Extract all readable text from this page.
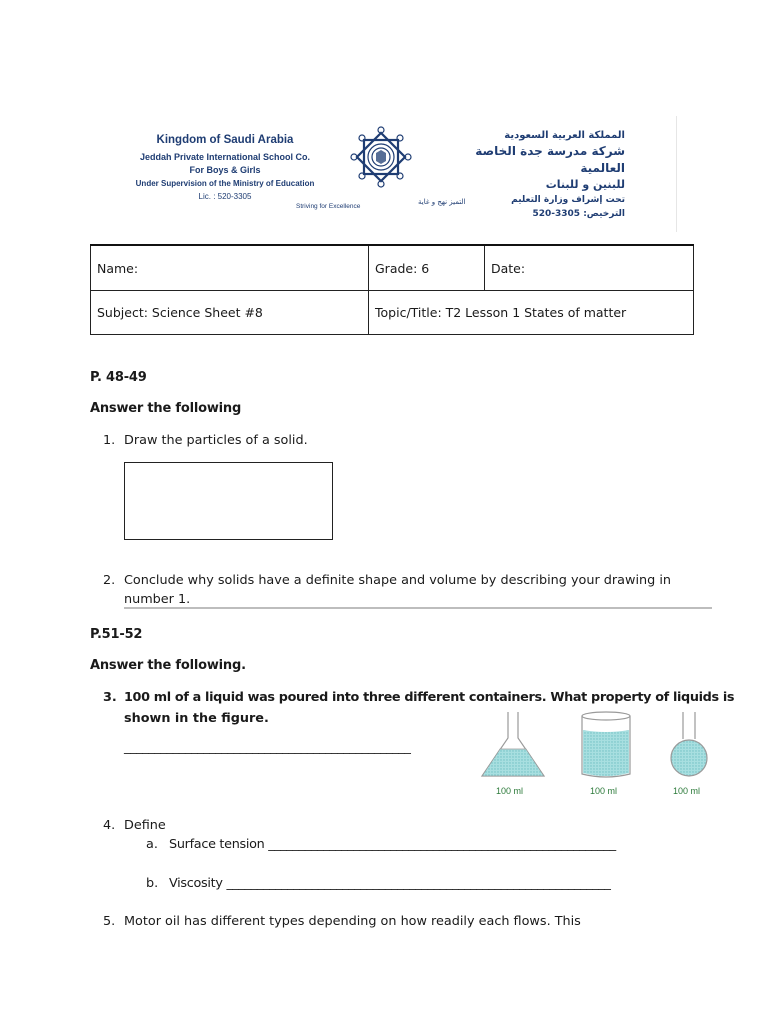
Kingdom of Saudi Arabia
Jeddah Private International School Co.
For Boys & Girls
Under Supervision of the Ministry of Education
Lic. : 520-3305
Striving for Excellence
المملكة العربية السعودية
شركة مدرسة جدة الخاصة العالمية
للبنين و للبنات
تحت إشراف وزارة التعليم
الترخيص: 3305-520
التميز نهج و غاية
Name:	Grade: 6	Date:
Subject: Science Sheet #8	Topic/Title: T2 Lesson 1 States of matter	
P. 48-49
Answer the following
1. Draw the particles of a solid.
2. Conclude why solids have a definite shape and volume by describing your drawing in
number 1.
P.51-52
Answer the following.
3. 100 ml of a liquid was poured into three different containers. What property of liquids is
shown in the figure.
_______________________________________________
100 ml	100 ml	100 ml
4. Define
a. Surface tension _________________________________________________________
b. Viscosity _______________________________________________________________
5. Motor oil has different types depending on how readily each flows. This
